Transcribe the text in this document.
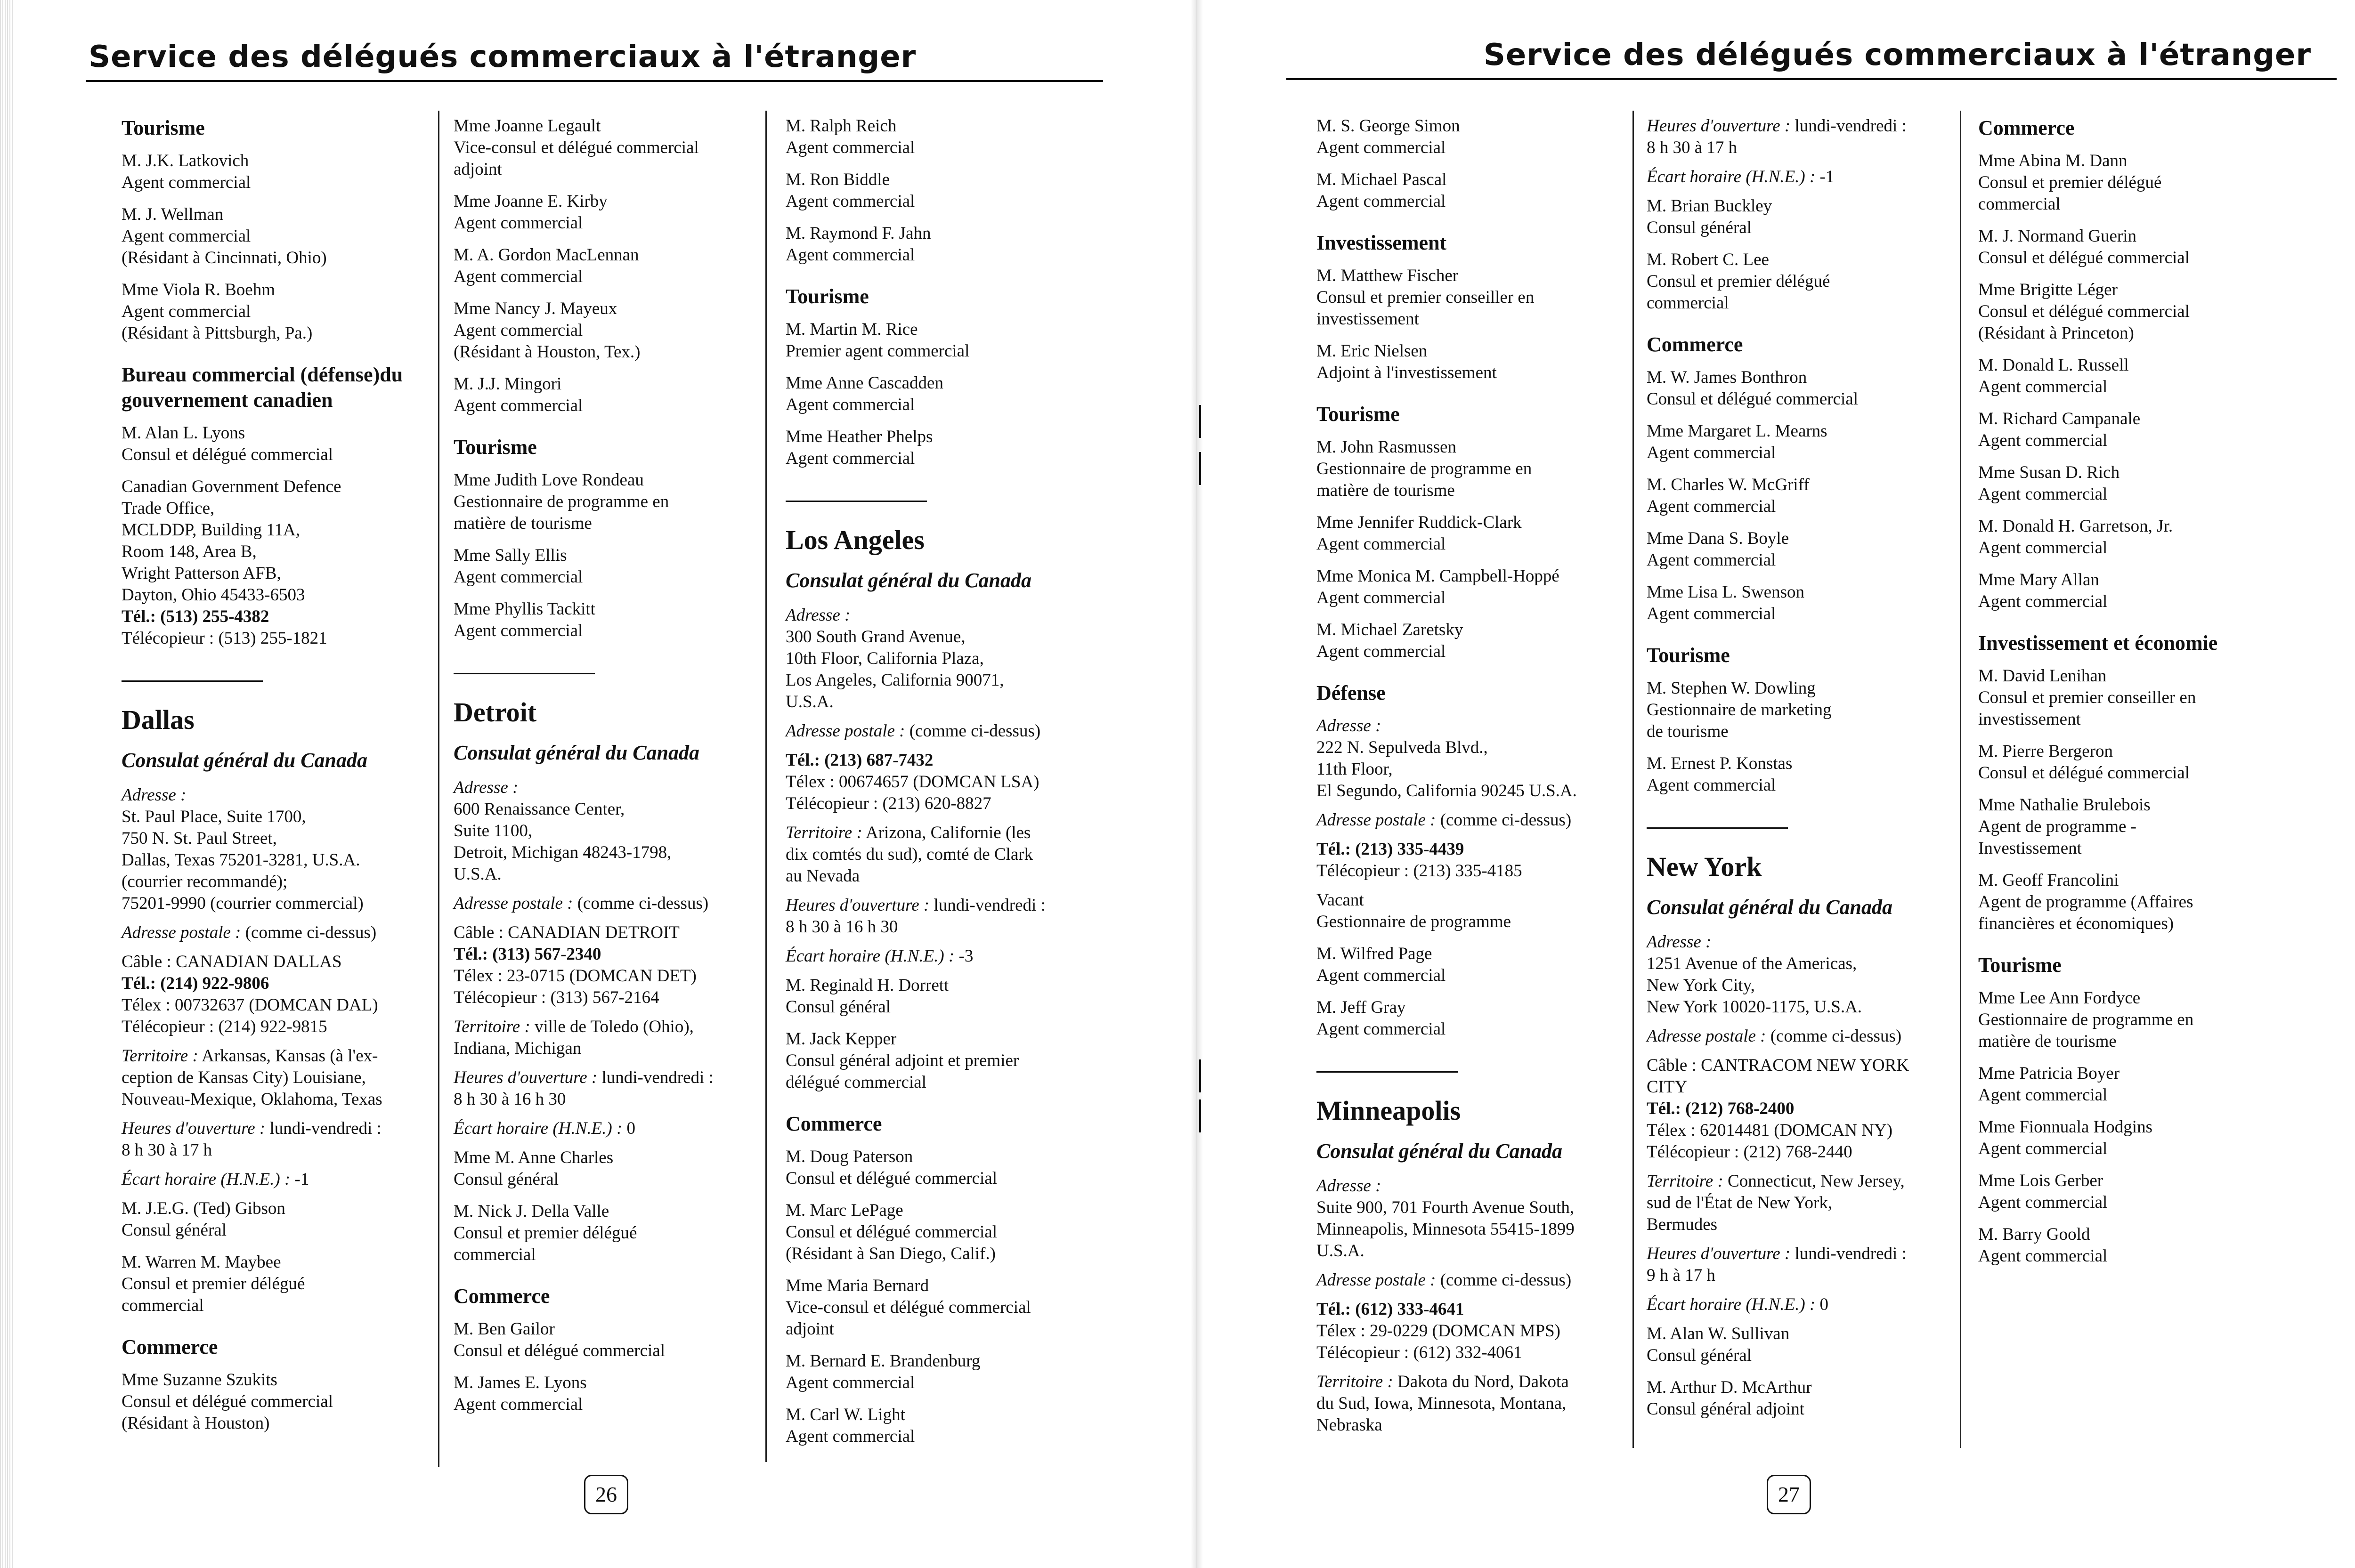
Service des délégués commerciaux à l'étranger
Tourisme
M. J.K. Latkovich
Agent commercial
M. J. Wellman
Agent commercial
(Résidant à Cincinnati, Ohio)
Mme Viola R. Boehm
Agent commercial
(Résidant à Pittsburgh, Pa.)
Bureau commercial (défense)du gouvernement canadien
M. Alan L. Lyons
Consul et délégué commercial
Canadian Government Defence
Trade Office,
MCLDDP, Building 11A,
Room 148, Area B,
Wright Patterson AFB,
Dayton, Ohio 45433-6503
Tél.: (513) 255-4382
Télécopieur : (513) 255-1821
Dallas
Consulat général du Canada
Adresse :
St. Paul Place, Suite 1700,
750 N. St. Paul Street,
Dallas, Texas 75201-3281, U.S.A.
(courrier recommandé);
75201-9990 (courrier commercial)
Adresse postale : (comme ci-dessus)
Câble : CANADIAN DALLAS
Tél.: (214) 922-9806
Télex : 00732637 (DOMCAN DAL)
Télécopieur : (214) 922-9815
Territoire : Arkansas, Kansas (à l'ex-
ception de Kansas City) Louisiane,
Nouveau-Mexique, Oklahoma, Texas
Heures d'ouverture : lundi-vendredi :
8 h 30 à 17 h
Écart horaire (H.N.E.) : -1
M. J.E.G. (Ted) Gibson
Consul général
M. Warren M. Maybee
Consul et premier délégué
commercial
Commerce
Mme Suzanne Szukits
Consul et délégué commercial
(Résidant à Houston)
Mme Joanne Legault
Vice-consul et délégué commercial
adjoint
Mme Joanne E. Kirby
Agent commercial
M. A. Gordon MacLennan
Agent commercial
Mme Nancy J. Mayeux
Agent commercial
(Résidant à Houston, Tex.)
M. J.J. Mingori
Agent commercial
Tourisme
Mme Judith Love Rondeau
Gestionnaire de programme en
matière de tourisme
Mme Sally Ellis
Agent commercial
Mme Phyllis Tackitt
Agent commercial
Detroit
Consulat général du Canada
Adresse :
600 Renaissance Center,
Suite 1100,
Detroit, Michigan 48243-1798,
U.S.A.
Adresse postale : (comme ci-dessus)
Câble : CANADIAN DETROIT
Tél.: (313) 567-2340
Télex : 23-0715 (DOMCAN DET)
Télécopieur : (313) 567-2164
Territoire : ville de Toledo (Ohio),
Indiana, Michigan
Heures d'ouverture : lundi-vendredi :
8 h 30 à 16 h 30
Écart horaire (H.N.E.) : 0
Mme M. Anne Charles
Consul général
M. Nick J. Della Valle
Consul et premier délégué
commercial
Commerce
M. Ben Gailor
Consul et délégué commercial
M. James E. Lyons
Agent commercial
M. Ralph Reich
Agent commercial
M. Ron Biddle
Agent commercial
M. Raymond F. Jahn
Agent commercial
Tourisme
M. Martin M. Rice
Premier agent commercial
Mme Anne Cascadden
Agent commercial
Mme Heather Phelps
Agent commercial
Los Angeles
Consulat général du Canada
Adresse :
300 South Grand Avenue,
10th Floor, California Plaza,
Los Angeles, California 90071,
U.S.A.
Adresse postale : (comme ci-dessus)
Tél.: (213) 687-7432
Télex : 00674657 (DOMCAN LSA)
Télécopieur : (213) 620-8827
Territoire : Arizona, Californie (les
dix comtés du sud), comté de Clark
au Nevada
Heures d'ouverture : lundi-vendredi :
8 h 30 à 16 h 30
Écart horaire (H.N.E.) : -3
M. Reginald H. Dorrett
Consul général
M. Jack Kepper
Consul général adjoint et premier
délégué commercial
Commerce
M. Doug Paterson
Consul et délégué commercial
M. Marc LePage
Consul et délégué commercial
(Résidant à San Diego, Calif.)
Mme Maria Bernard
Vice-consul et délégué commercial
adjoint
M. Bernard E. Brandenburg
Agent commercial
M. Carl W. Light
Agent commercial
26
Service des délégués commerciaux à l'étranger
M. S. George Simon
Agent commercial
M. Michael Pascal
Agent commercial
Investissement
M. Matthew Fischer
Consul et premier conseiller en
investissement
M. Eric Nielsen
Adjoint à l'investissement
Tourisme
M. John Rasmussen
Gestionnaire de programme en
matière de tourisme
Mme Jennifer Ruddick-Clark
Agent commercial
Mme Monica M. Campbell-Hoppé
Agent commercial
M. Michael Zaretsky
Agent commercial
Défense
Adresse :
222 N. Sepulveda Blvd.,
11th Floor,
El Segundo, California 90245 U.S.A.
Adresse postale : (comme ci-dessus)
Tél.: (213) 335-4439
Télécopieur : (213) 335-4185
Vacant
Gestionnaire de programme
M. Wilfred Page
Agent commercial
M. Jeff Gray
Agent commercial
Minneapolis
Consulat général du Canada
Adresse :
Suite 900, 701 Fourth Avenue South,
Minneapolis, Minnesota 55415-1899
U.S.A.
Adresse postale : (comme ci-dessus)
Tél.: (612) 333-4641
Télex : 29-0229 (DOMCAN MPS)
Télécopieur : (612) 332-4061
Territoire : Dakota du Nord, Dakota
du Sud, Iowa, Minnesota, Montana,
Nebraska
Heures d'ouverture : lundi-vendredi :
8 h 30 à 17 h
Écart horaire (H.N.E.) : -1
M. Brian Buckley
Consul général
M. Robert C. Lee
Consul et premier délégué
commercial
Commerce
M. W. James Bonthron
Consul et délégué commercial
Mme Margaret L. Mearns
Agent commercial
M. Charles W. McGriff
Agent commercial
Mme Dana S. Boyle
Agent commercial
Mme Lisa L. Swenson
Agent commercial
Tourisme
M. Stephen W. Dowling
Gestionnaire de marketing
de tourisme
M. Ernest P. Konstas
Agent commercial
New York
Consulat général du Canada
Adresse :
1251 Avenue of the Americas,
New York City,
New York 10020-1175, U.S.A.
Adresse postale : (comme ci-dessus)
Câble : CANTRACOM NEW YORK
CITY
Tél.: (212) 768-2400
Télex : 62014481 (DOMCAN NY)
Télécopieur : (212) 768-2440
Territoire : Connecticut, New Jersey,
sud de l'État de New York,
Bermudes
Heures d'ouverture : lundi-vendredi :
9 h à 17 h
Écart horaire (H.N.E.) : 0
M. Alan W. Sullivan
Consul général
M. Arthur D. McArthur
Consul général adjoint
Commerce
Mme Abina M. Dann
Consul et premier délégué
commercial
M. J. Normand Guerin
Consul et délégué commercial
Mme Brigitte Léger
Consul et délégué commercial
(Résidant à Princeton)
M. Donald L. Russell
Agent commercial
M. Richard Campanale
Agent commercial
Mme Susan D. Rich
Agent commercial
M. Donald H. Garretson, Jr.
Agent commercial
Mme Mary Allan
Agent commercial
Investissement et économie
M. David Lenihan
Consul et premier conseiller en
investissement
M. Pierre Bergeron
Consul et délégué commercial
Mme Nathalie Brulebois
Agent de programme -
Investissement
M. Geoff Francolini
Agent de programme (Affaires
financières et économiques)
Tourisme
Mme Lee Ann Fordyce
Gestionnaire de programme en
matière de tourisme
Mme Patricia Boyer
Agent commercial
Mme Fionnuala Hodgins
Agent commercial
Mme Lois Gerber
Agent commercial
M. Barry Goold
Agent commercial
27
